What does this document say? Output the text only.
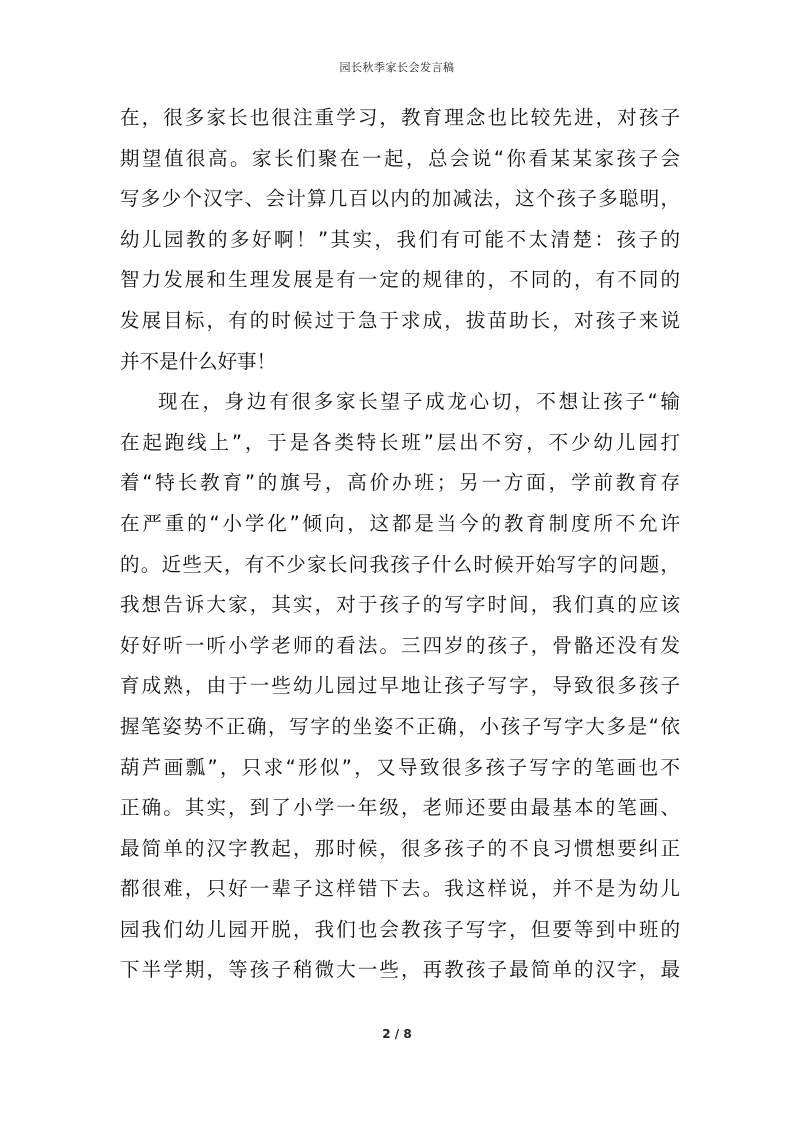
园长秋季家长会发言稿
在，很多家长也很注重学习，教育理念也比较先进，对孩子
期望值很高。家长们聚在一起，总会说“你看某某家孩子会
写多少个汉字、会计算几百以内的加减法，这个孩子多聪明，
幼儿园教的多好啊！”其实，我们有可能不太清楚：孩子的
智力发展和生理发展是有一定的规律的，不同的，有不同的
发展目标，有的时候过于急于求成，拔苗助长，对孩子来说
并不是什么好事！
现在，身边有很多家长望子成龙心切，不想让孩子“输
在起跑线上”，于是各类特长班”层出不穷，不少幼儿园打
着“特长教育”的旗号，高价办班；另一方面，学前教育存
在严重的“小学化”倾向，这都是当今的教育制度所不允许
的。近些天，有不少家长问我孩子什么时候开始写字的问题，
我想告诉大家，其实，对于孩子的写字时间，我们真的应该
好好听一听小学老师的看法。三四岁的孩子，骨骼还没有发
育成熟，由于一些幼儿园过早地让孩子写字，导致很多孩子
握笔姿势不正确，写字的坐姿不正确，小孩子写字大多是“依
葫芦画瓢”，只求“形似”，又导致很多孩子写字的笔画也不
正确。其实，到了小学一年级，老师还要由最基本的笔画、
最简单的汉字教起，那时候，很多孩子的不良习惯想要纠正
都很难，只好一辈子这样错下去。我这样说，并不是为幼儿
园我们幼儿园开脱，我们也会教孩子写字，但要等到中班的
下半学期，等孩子稍微大一些，再教孩子最简单的汉字，最
2 / 8
